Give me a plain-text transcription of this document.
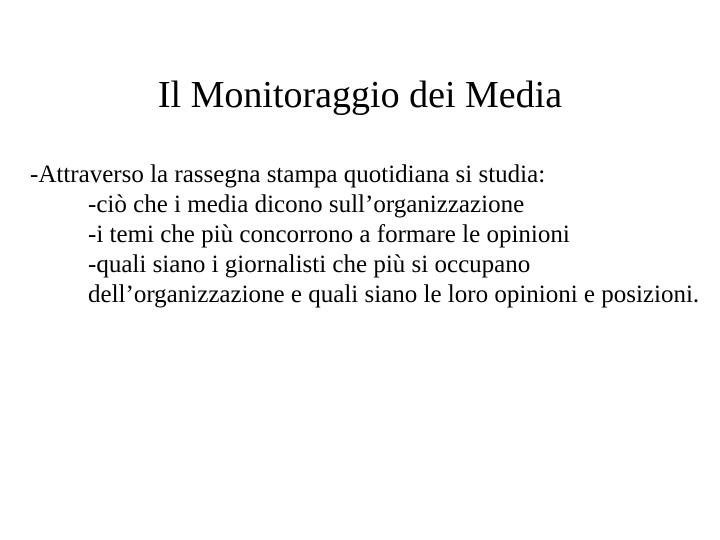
Il Monitoraggio dei Media

-Attraverso la rassegna stampa quotidiana si studia:

-ciò che i media dicono sull’organizzazione

-i temi che più concorrono a formare le opinioni

-quali siano i giornalisti che più si occupano dell’organizzazione e quali siano le loro opinioni e posizioni.
